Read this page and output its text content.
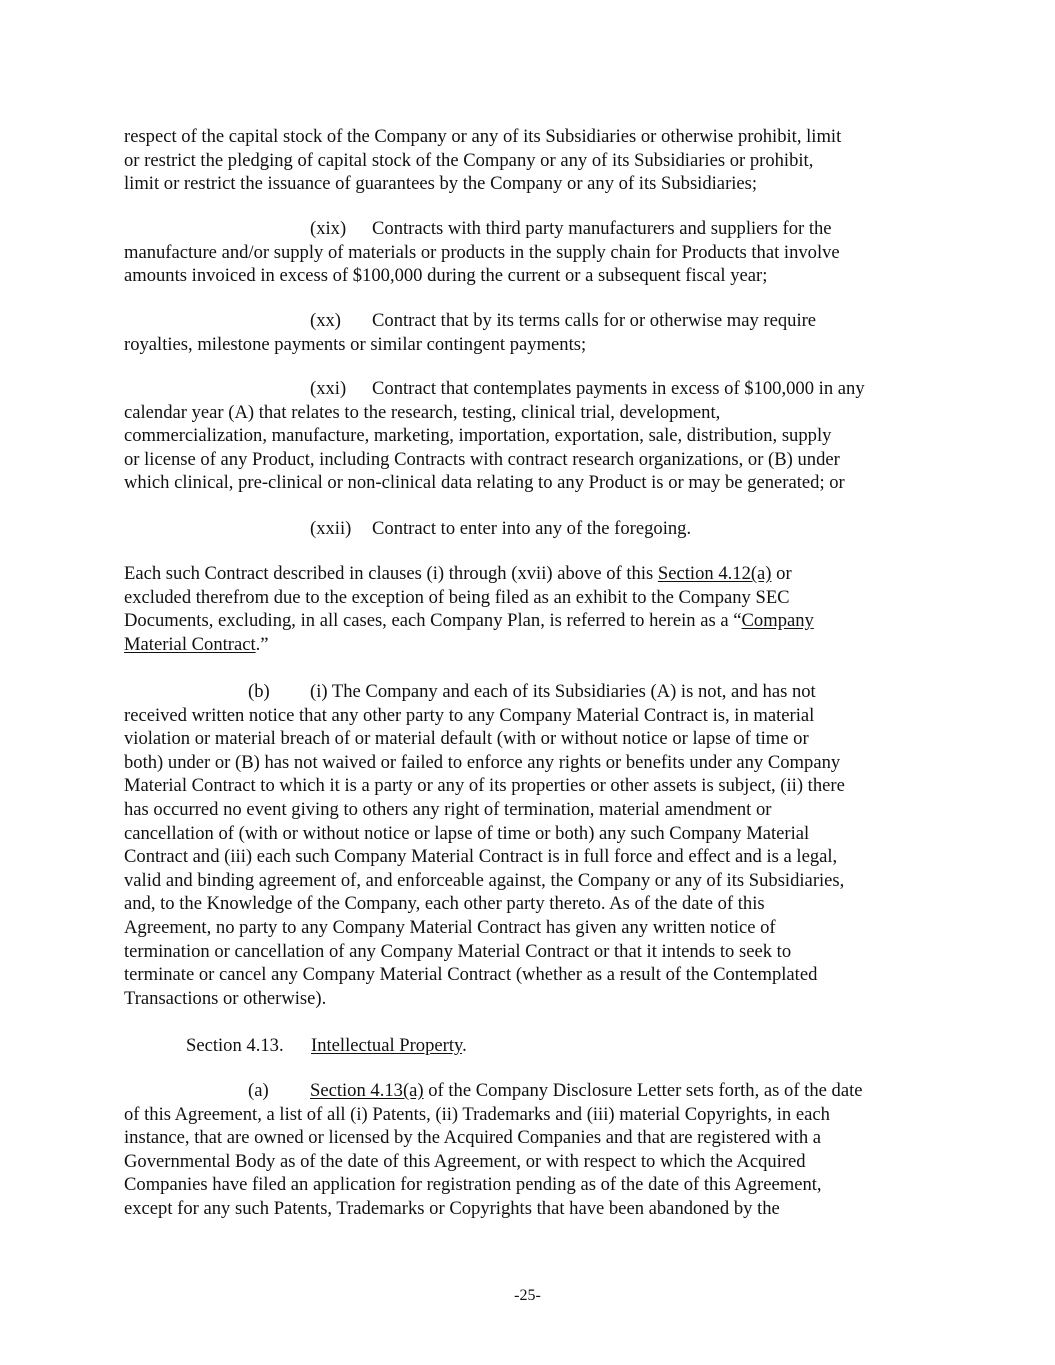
respect of the capital stock of the Company or any of its Subsidiaries or otherwise prohibit, limit
or restrict the pledging of capital stock of the Company or any of its Subsidiaries or prohibit,
limit or restrict the issuance of guarantees by the Company or any of its Subsidiaries;

(xix) Contracts with third party manufacturers and suppliers for the
manufacture and/or supply of materials or products in the supply chain for Products that involve
amounts invoiced in excess of $100,000 during the current or a subsequent fiscal year;

(xx) Contract that by its terms calls for or otherwise may require
royalties, milestone payments or similar contingent payments;

(xxi) Contract that contemplates payments in excess of $100,000 in any
calendar year (A) that relates to the research, testing, clinical trial, development,
commercialization, manufacture, marketing, importation, exportation, sale, distribution, supply
or license of any Product, including Contracts with contract research organizations, or (B) under
which clinical, pre-clinical or non-clinical data relating to any Product is or may be generated; or

(xxii) Contract to enter into any of the foregoing.

Each such Contract described in clauses (i) through (xvii) above of this Section 4.12(a) or
excluded therefrom due to the exception of being filed as an exhibit to the Company SEC
Documents, excluding, in all cases, each Company Plan, is referred to herein as a “Company
Material Contract.”

(b) (i) The Company and each of its Subsidiaries (A) is not, and has not
received written notice that any other party to any Company Material Contract is, in material
violation or material breach of or material default (with or without notice or lapse of time or
both) under or (B) has not waived or failed to enforce any rights or benefits under any Company
Material Contract to which it is a party or any of its properties or other assets is subject, (ii) there
has occurred no event giving to others any right of termination, material amendment or
cancellation of (with or without notice or lapse of time or both) any such Company Material
Contract and (iii) each such Company Material Contract is in full force and effect and is a legal,
valid and binding agreement of, and enforceable against, the Company or any of its Subsidiaries,
and, to the Knowledge of the Company, each other party thereto. As of the date of this
Agreement, no party to any Company Material Contract has given any written notice of
termination or cancellation of any Company Material Contract or that it intends to seek to
terminate or cancel any Company Material Contract (whether as a result of the Contemplated
Transactions or otherwise).

Section 4.13. Intellectual Property.

(a) Section 4.13(a) of the Company Disclosure Letter sets forth, as of the date
of this Agreement, a list of all (i) Patents, (ii) Trademarks and (iii) material Copyrights, in each
instance, that are owned or licensed by the Acquired Companies and that are registered with a
Governmental Body as of the date of this Agreement, or with respect to which the Acquired
Companies have filed an application for registration pending as of the date of this Agreement,
except for any such Patents, Trademarks or Copyrights that have been abandoned by the

-25-
